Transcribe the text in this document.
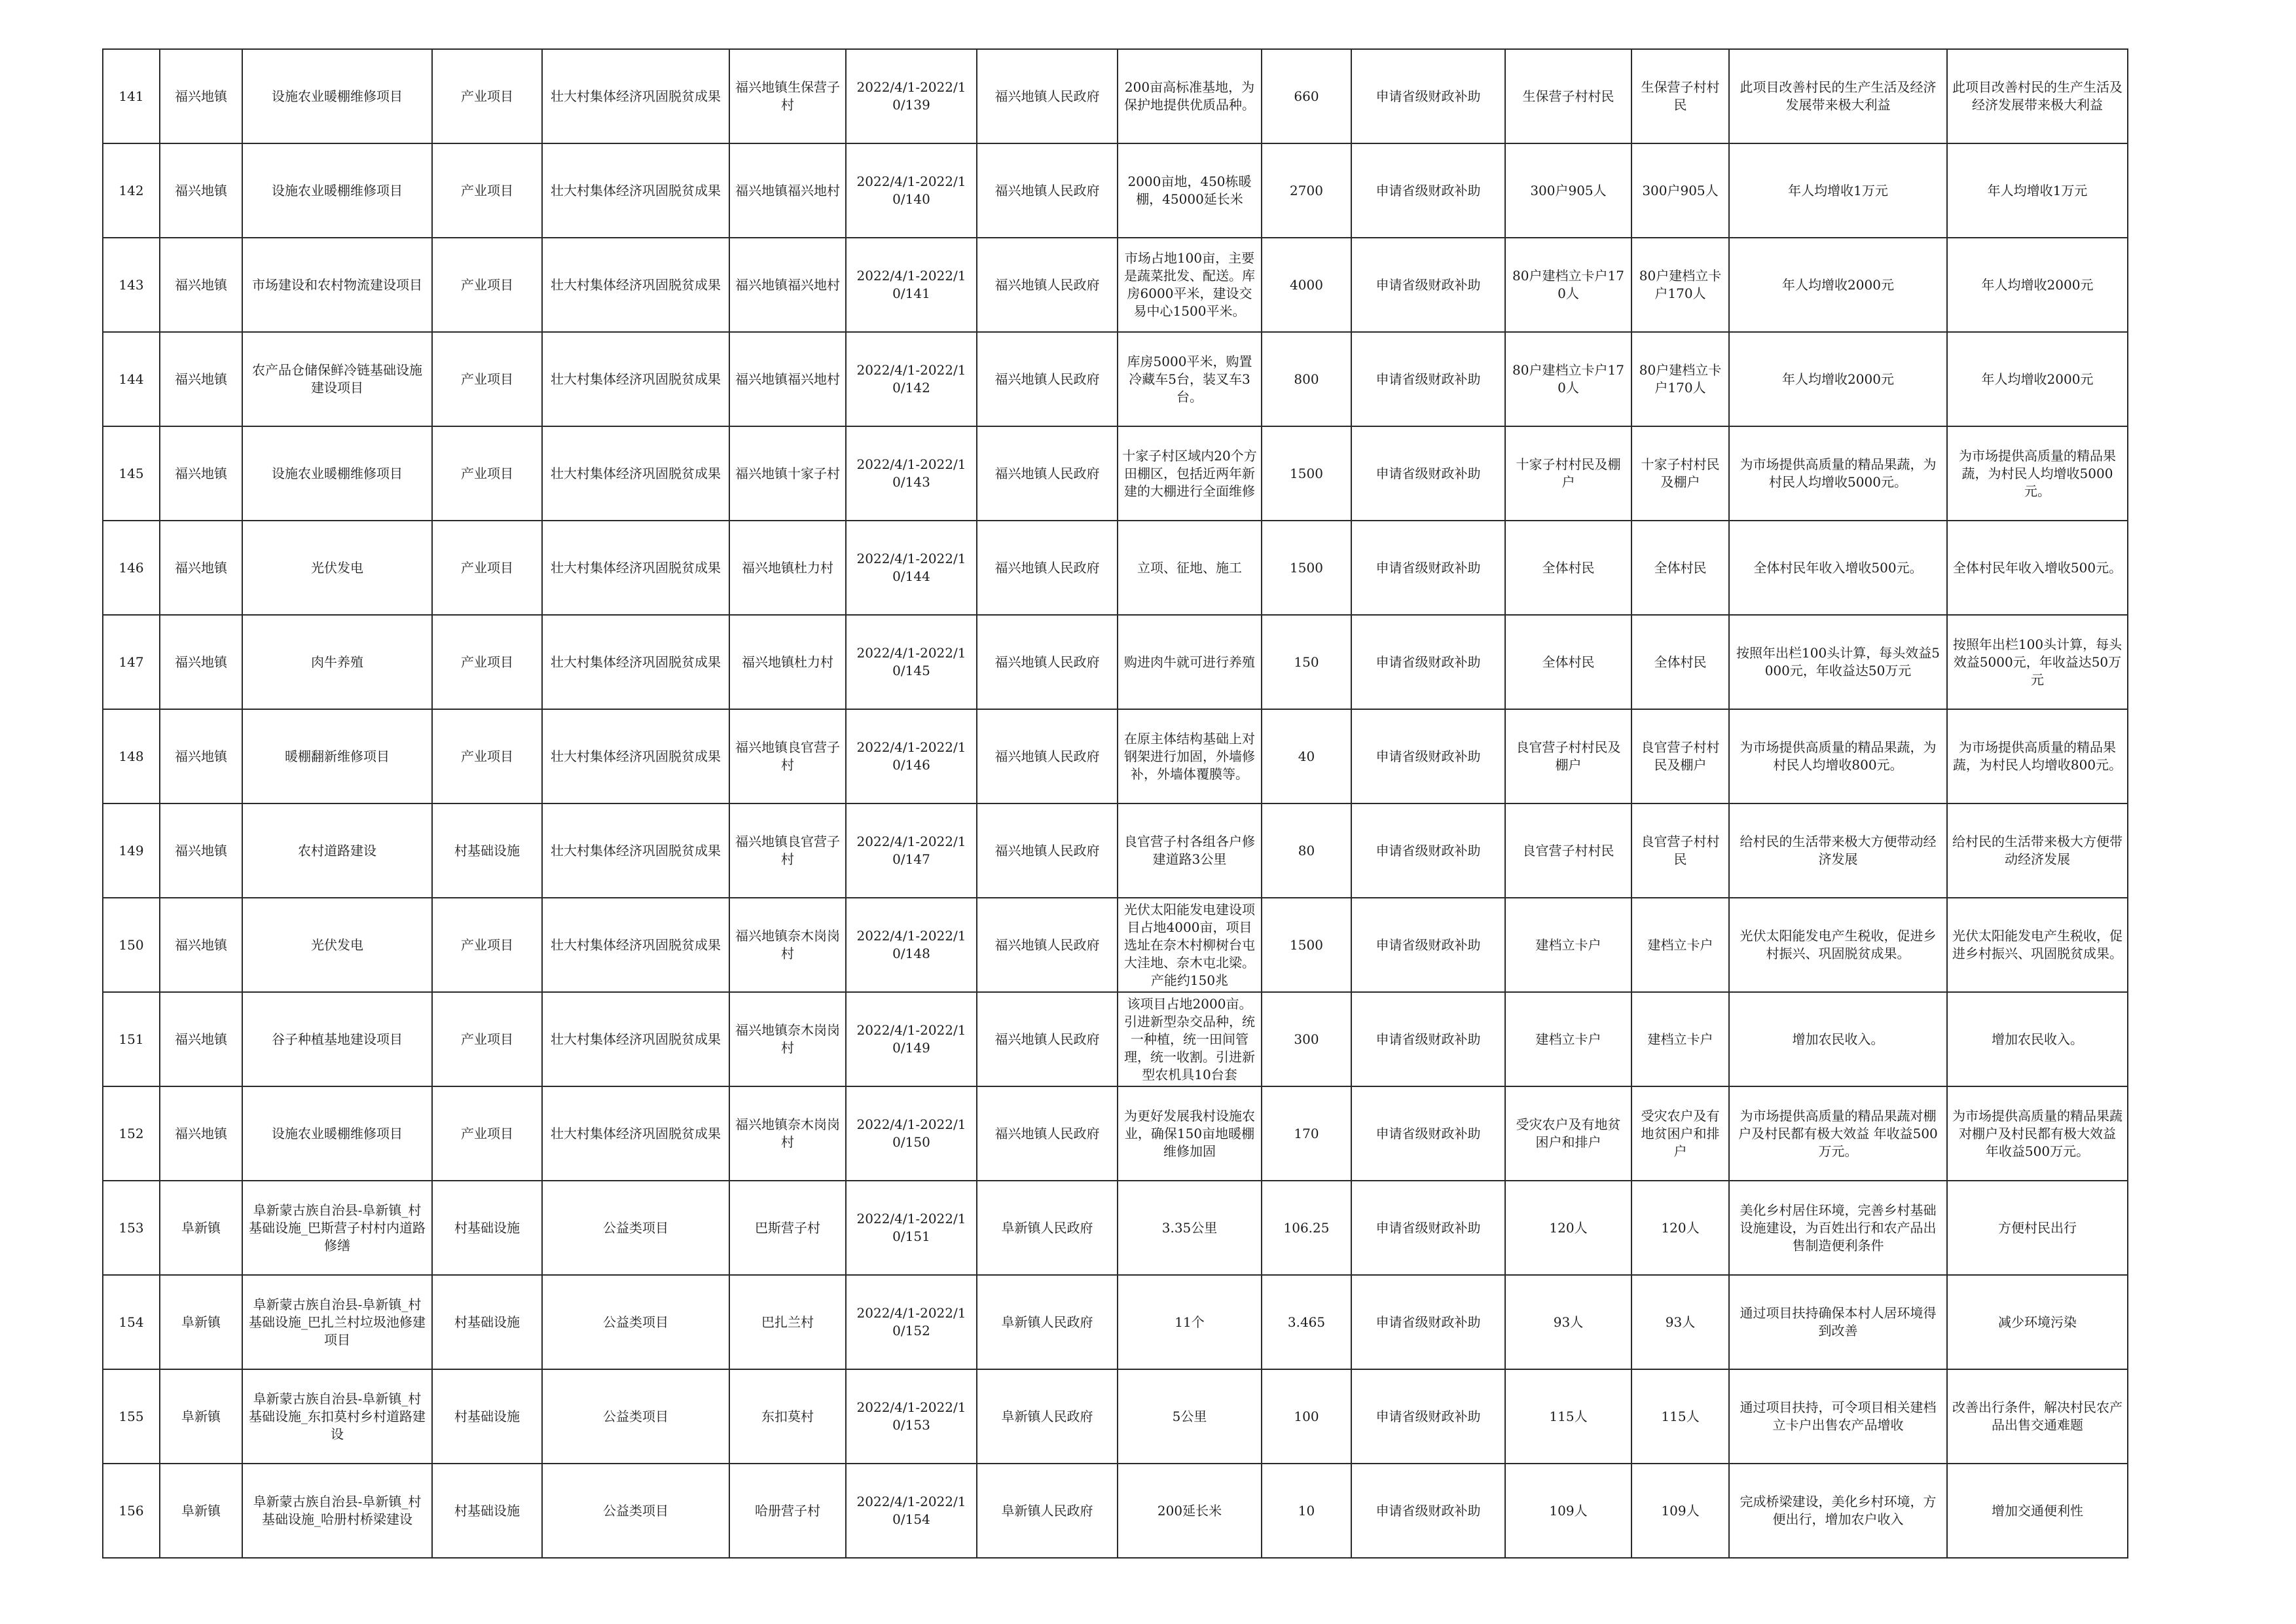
141	福兴地镇	设施农业暖棚维修项目	产业项目	壮大村集体经济巩固脱贫成果	福兴地镇生保营子村	2022/4/1-2022/10/139	福兴地镇人民政府	200亩高标准基地，为保护地提供优质品种。	660	申请省级财政补助	生保营子村村民	生保营子村村民	此项目改善村民的生产生活及经济发展带来极大利益	此项目改善村民的生产生活及经济发展带来极大利益
142	福兴地镇	设施农业暖棚维修项目	产业项目	壮大村集体经济巩固脱贫成果	福兴地镇福兴地村	2022/4/1-2022/10/140	福兴地镇人民政府	2000亩地，450栋暖棚，45000延长米	2700	申请省级财政补助	300户905人	300户905人	年人均增收1万元	年人均增收1万元
143	福兴地镇	市场建设和农村物流建设项目	产业项目	壮大村集体经济巩固脱贫成果	福兴地镇福兴地村	2022/4/1-2022/10/141	福兴地镇人民政府	市场占地100亩，主要是蔬菜批发、配送。库房6000平米，建设交易中心1500平米。	4000	申请省级财政补助	80户建档立卡户170人	80户建档立卡户170人	年人均增收2000元	年人均增收2000元
144	福兴地镇	农产品仓储保鲜冷链基础设施建设项目	产业项目	壮大村集体经济巩固脱贫成果	福兴地镇福兴地村	2022/4/1-2022/10/142	福兴地镇人民政府	库房5000平米，购置冷藏车5台，装叉车3台。	800	申请省级财政补助	80户建档立卡户170人	80户建档立卡户170人	年人均增收2000元	年人均增收2000元
145	福兴地镇	设施农业暖棚维修项目	产业项目	壮大村集体经济巩固脱贫成果	福兴地镇十家子村	2022/4/1-2022/10/143	福兴地镇人民政府	十家子村区域内20个方田棚区，包括近两年新建的大棚进行全面维修	1500	申请省级财政补助	十家子村村民及棚户	十家子村村民及棚户	为市场提供高质量的精品果蔬，为村民人均增收5000元。	为市场提供高质量的精品果蔬，为村民人均增收5000元。
146	福兴地镇	光伏发电	产业项目	壮大村集体经济巩固脱贫成果	福兴地镇杜力村	2022/4/1-2022/10/144	福兴地镇人民政府	立项、征地、施工	1500	申请省级财政补助	全体村民	全体村民	全体村民年收入增收500元。	全体村民年收入增收500元。
147	福兴地镇	肉牛养殖	产业项目	壮大村集体经济巩固脱贫成果	福兴地镇杜力村	2022/4/1-2022/10/145	福兴地镇人民政府	购进肉牛就可进行养殖	150	申请省级财政补助	全体村民	全体村民	按照年出栏100头计算，每头效益5000元，年收益达50万元	按照年出栏100头计算，每头效益5000元，年收益达50万元
148	福兴地镇	暖棚翻新维修项目	产业项目	壮大村集体经济巩固脱贫成果	福兴地镇良官营子村	2022/4/1-2022/10/146	福兴地镇人民政府	在原主体结构基础上对钢架进行加固，外墙修补，外墙体覆膜等。	40	申请省级财政补助	良官营子村村民及棚户	良官营子村村民及棚户	为市场提供高质量的精品果蔬，为村民人均增收800元。	为市场提供高质量的精品果蔬，为村民人均增收800元。
149	福兴地镇	农村道路建设	村基础设施	壮大村集体经济巩固脱贫成果	福兴地镇良官营子村	2022/4/1-2022/10/147	福兴地镇人民政府	良官营子村各组各户修建道路3公里	80	申请省级财政补助	良官营子村村民	良官营子村村民	给村民的生活带来极大方便带动经济发展	给村民的生活带来极大方便带动经济发展
150	福兴地镇	光伏发电	产业项目	壮大村集体经济巩固脱贫成果	福兴地镇奈木岗岗村	2022/4/1-2022/10/148	福兴地镇人民政府	光伏太阳能发电建设项目占地4000亩，项目选址在奈木村柳树台屯大洼地、奈木屯北梁。产能约150兆	1500	申请省级财政补助	建档立卡户	建档立卡户	光伏太阳能发电产生税收，促进乡村振兴、巩固脱贫成果。	光伏太阳能发电产生税收，促进乡村振兴、巩固脱贫成果。
151	福兴地镇	谷子种植基地建设项目	产业项目	壮大村集体经济巩固脱贫成果	福兴地镇奈木岗岗村	2022/4/1-2022/10/149	福兴地镇人民政府	该项目占地2000亩。引进新型杂交品种，统一种植，统一田间管理，统一收割。引进新型农机具10台套	300	申请省级财政补助	建档立卡户	建档立卡户	增加农民收入。	增加农民收入。
152	福兴地镇	设施农业暖棚维修项目	产业项目	壮大村集体经济巩固脱贫成果	福兴地镇奈木岗岗村	2022/4/1-2022/10/150	福兴地镇人民政府	为更好发展我村设施农业，确保150亩地暖棚维修加固	170	申请省级财政补助	受灾农户及有地贫困户和排户	受灾农户及有地贫困户和排户	为市场提供高质量的精品果蔬对棚户及村民都有极大效益 年收益500万元。	为市场提供高质量的精品果蔬对棚户及村民都有极大效益 年收益500万元。
153	阜新镇	阜新蒙古族自治县-阜新镇_村基础设施_巴斯营子村村内道路修缮	村基础设施	公益类项目	巴斯营子村	2022/4/1-2022/10/151	阜新镇人民政府	3.35公里	106.25	申请省级财政补助	120人	120人	美化乡村居住环境，完善乡村基础设施建设，为百姓出行和农产品出售制造便利条件	方便村民出行
154	阜新镇	阜新蒙古族自治县-阜新镇_村基础设施_巴扎兰村垃圾池修建项目	村基础设施	公益类项目	巴扎兰村	2022/4/1-2022/10/152	阜新镇人民政府	11个	3.465	申请省级财政补助	93人	93人	通过项目扶持确保本村人居环境得到改善	减少环境污染
155	阜新镇	阜新蒙古族自治县-阜新镇_村基础设施_东扣莫村乡村道路建设	村基础设施	公益类项目	东扣莫村	2022/4/1-2022/10/153	阜新镇人民政府	5公里	100	申请省级财政补助	115人	115人	通过项目扶持，可令项目相关建档立卡户出售农产品增收	改善出行条件，解决村民农产品出售交通难题
156	阜新镇	阜新蒙古族自治县-阜新镇_村基础设施_哈册村桥梁建设	村基础设施	公益类项目	哈册营子村	2022/4/1-2022/10/154	阜新镇人民政府	200延长米	10	申请省级财政补助	109人	109人	完成桥梁建设，美化乡村环境，方便出行，增加农户收入	增加交通便利性
